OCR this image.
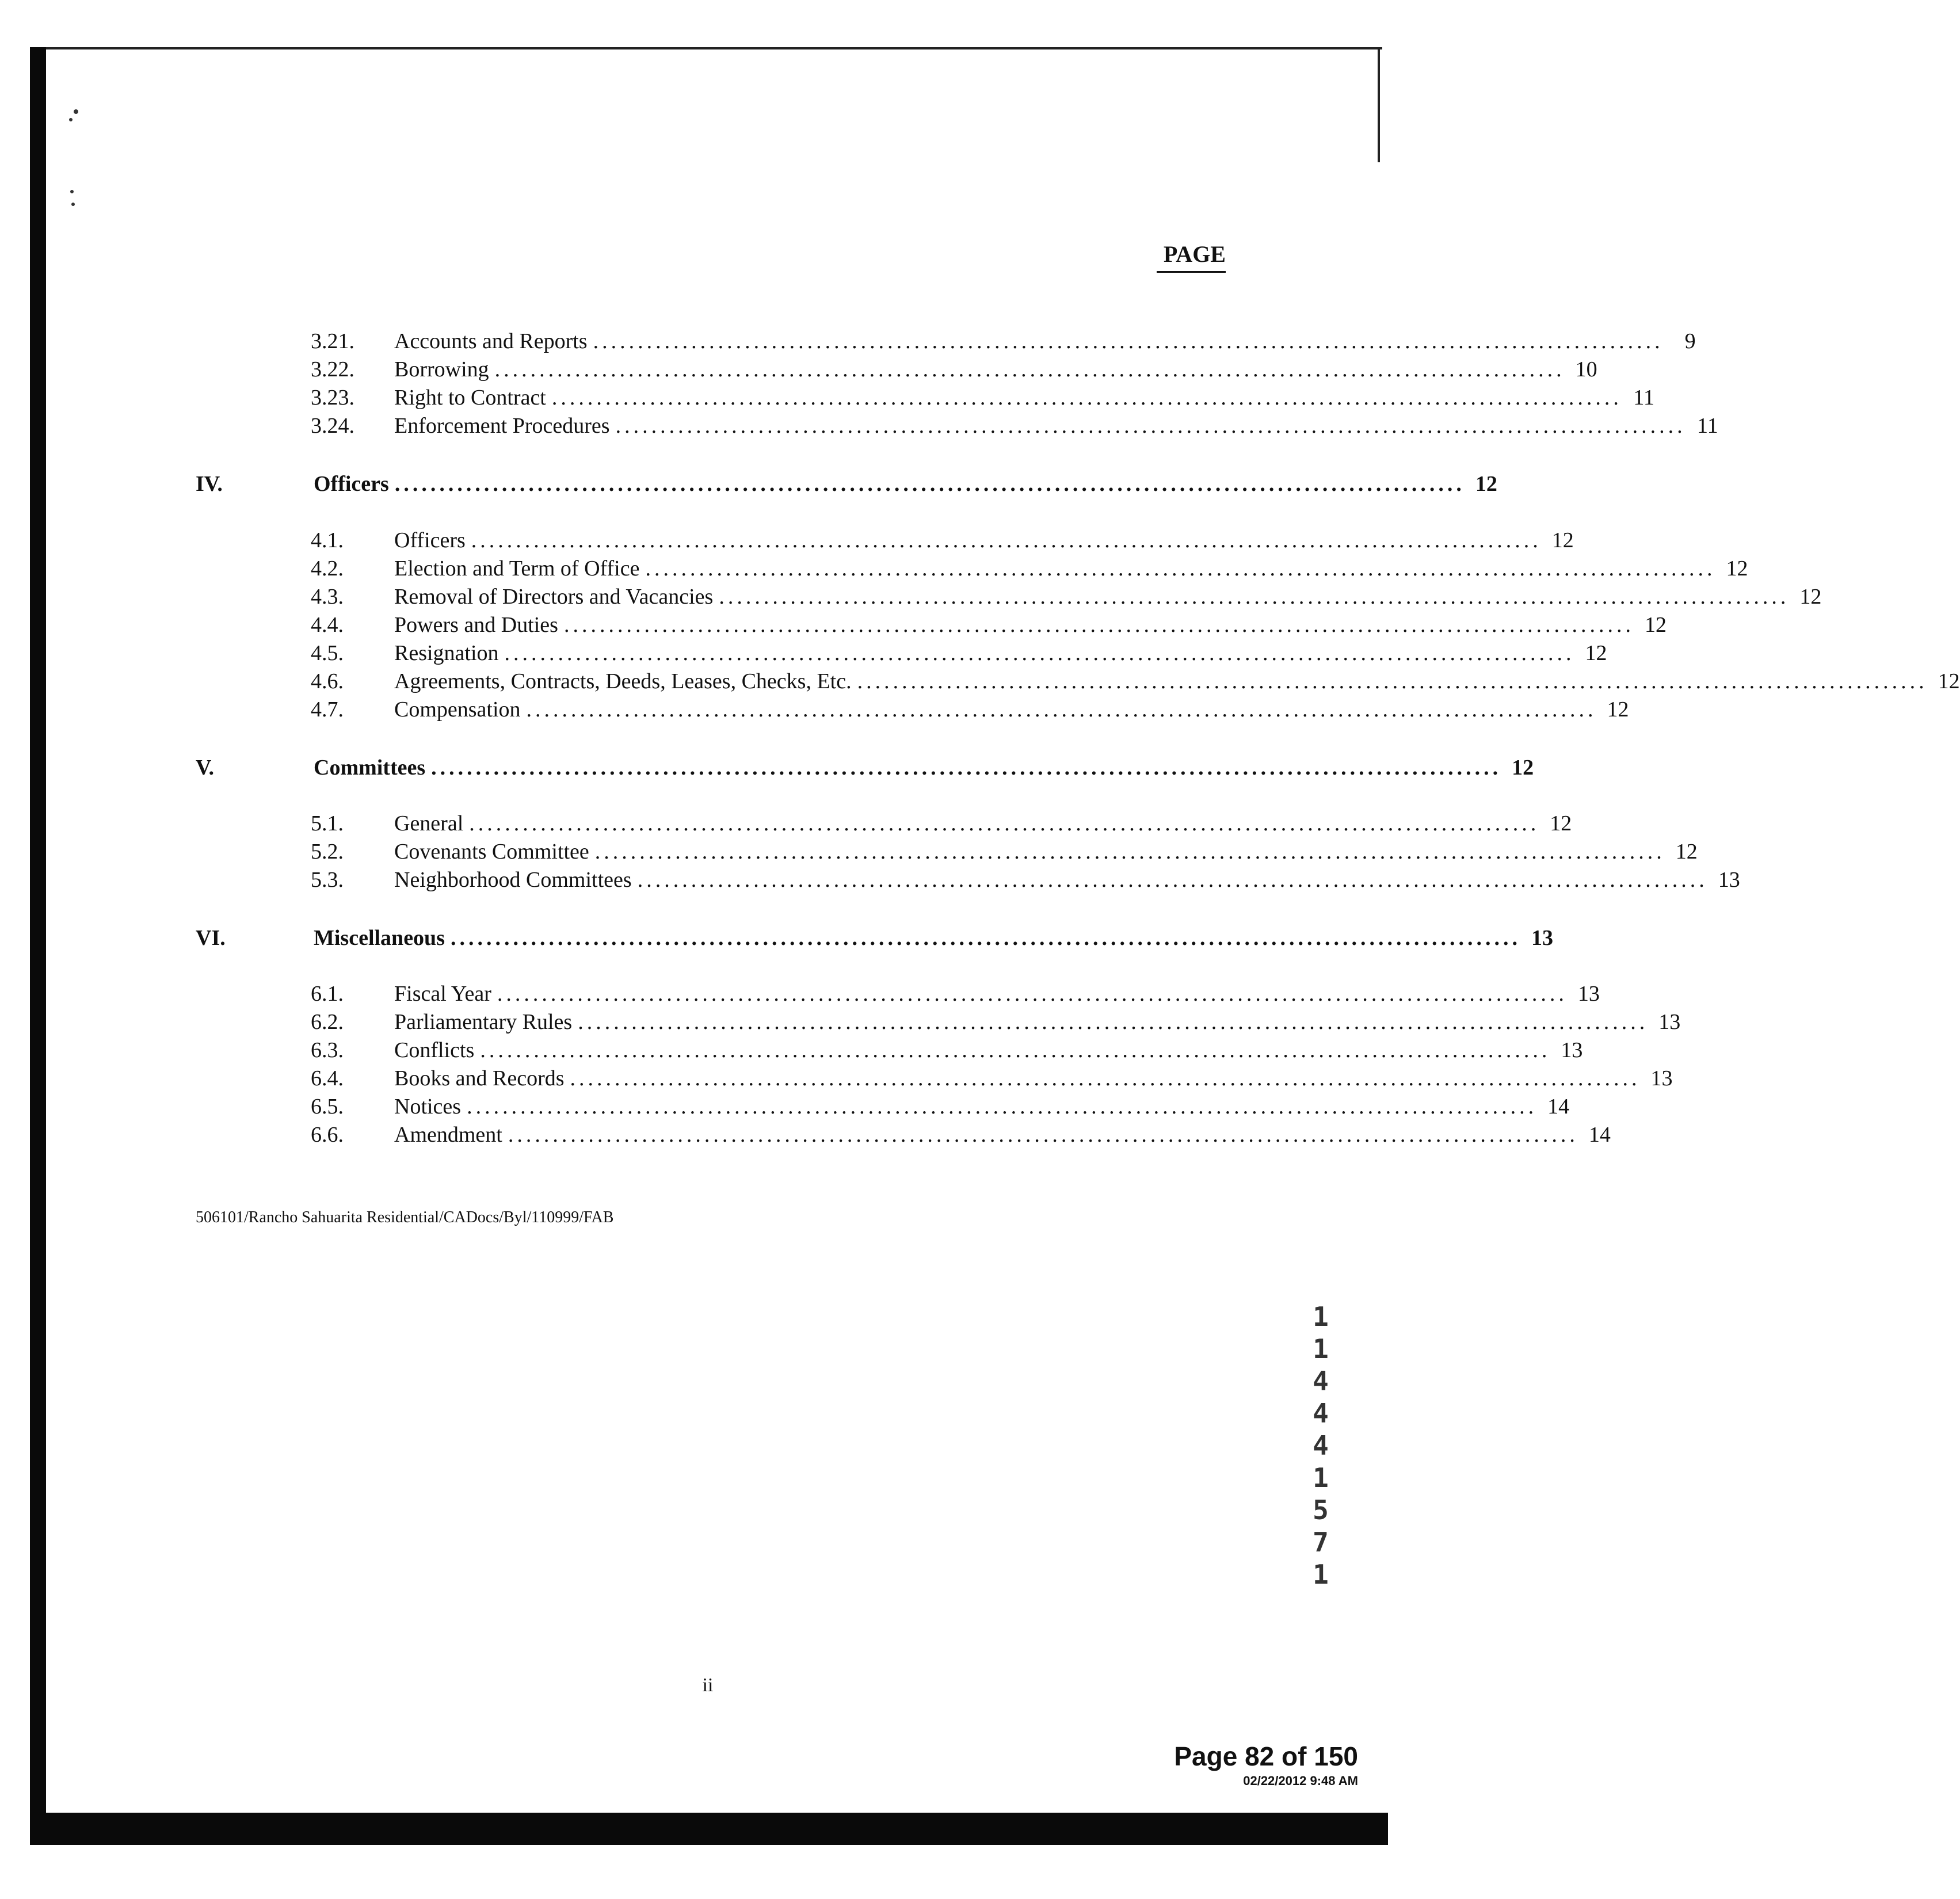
PAGE
3.21.	Accounts and Reports ........................................................................................................................ 9
3.22.	Borrowing ........................................................................................................................ 10
3.23.	Right to Contract ........................................................................................................................ 11
3.24.	Enforcement Procedures ........................................................................................................................ 11
IV.	Officers ........................................................................................................................ 12
4.1.	Officers ........................................................................................................................ 12
4.2.	Election and Term of Office ........................................................................................................................ 12
4.3.	Removal of Directors and Vacancies ........................................................................................................................ 12
4.4.	Powers and Duties ........................................................................................................................ 12
4.5.	Resignation ........................................................................................................................ 12
4.6.	Agreements, Contracts, Deeds, Leases, Checks, Etc. ........................................................................................................................ 12
4.7.	Compensation ........................................................................................................................ 12
V.	Committees ........................................................................................................................ 12
5.1.	General ........................................................................................................................ 12
5.2.	Covenants Committee ........................................................................................................................ 12
5.3.	Neighborhood Committees ........................................................................................................................ 13
VI.	Miscellaneous ........................................................................................................................ 13
6.1.	Fiscal Year ........................................................................................................................ 13
6.2.	Parliamentary Rules ........................................................................................................................ 13
6.3.	Conflicts ........................................................................................................................ 13
6.4.	Books and Records ........................................................................................................................ 13
6.5.	Notices ........................................................................................................................ 14
6.6.	Amendment ........................................................................................................................ 14
506101/Rancho Sahuarita Residential/CADocs/Byl/110999/FAB
ii
1
1
4
4
4
1
5
7
1
Page 82 of 150
02/22/2012 9:48 AM
